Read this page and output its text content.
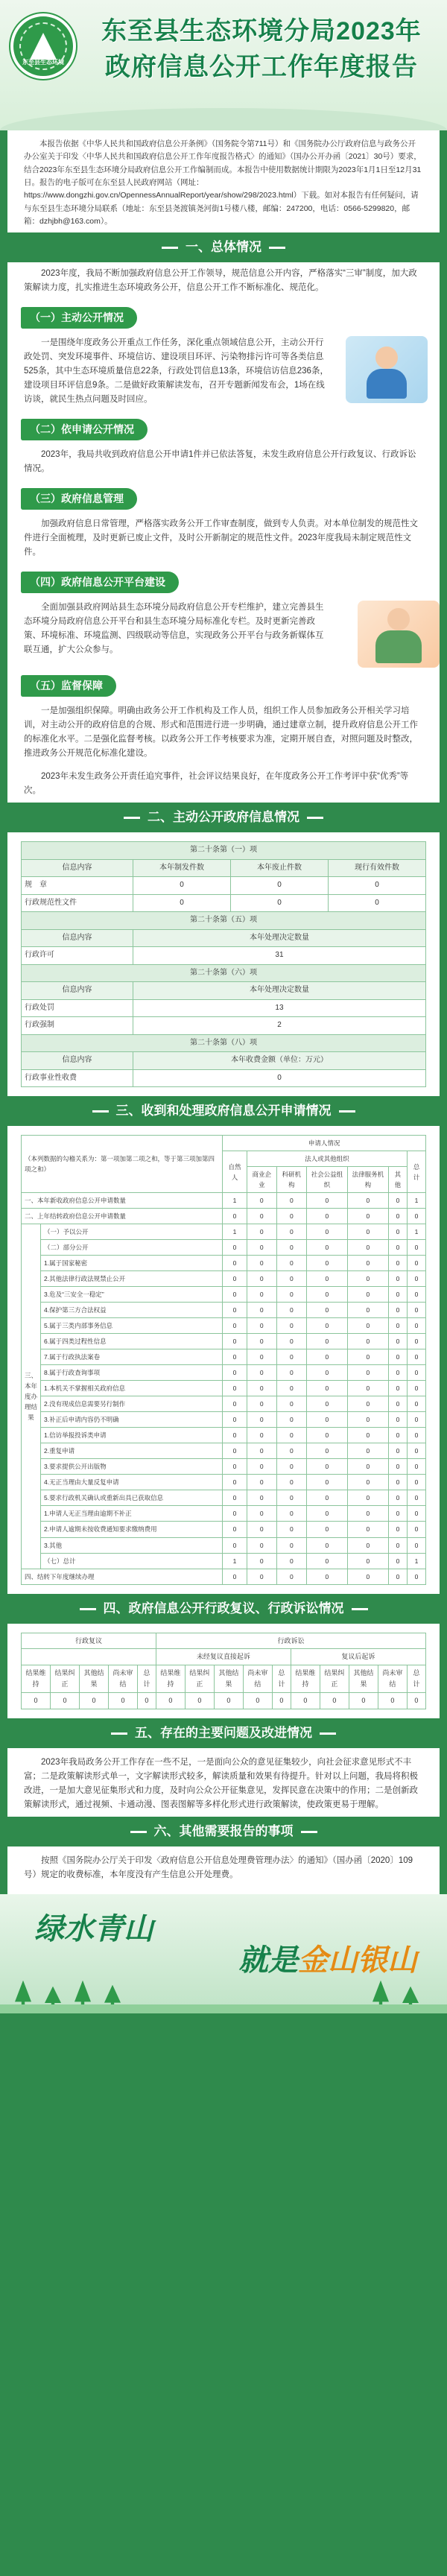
东至县生态环境
东至县生态环境分局2023年
政府信息公开工作年度报告
本报告依据《中华人民共和国政府信息公开条例》（国务院令第711号）和《国务院办公厅政府信息与政务公开办公室关于印发〈中华人民共和国政府信息公开工作年度报告格式〉的通知》（国办公开办函〔2021〕30号）要求，结合2023年东至县生态环境分局政府信息公开工作编制而成。本报告中使用数据统计期限为2023年1月1日至12月31日。报告的电子版可在东至县人民政府网站（网址：https://www.dongzhi.gov.cn/OpennessAnnualReport/year/show/298/2023.html）下载。如对本报告有任何疑问，请与东至县生态环境分局联系（地址：东至县尧渡镇尧河街1号楼八楼，邮编：247200，电话：0566-5299820，邮箱：dzhjbh@163.com）。
一、总体情况
2023年度，我局不断加强政府信息公开工作领导，规范信息公开内容，严格落实“三审”制度，加大政策解读力度，扎实推进生态环境政务公开，信息公开工作不断标准化、规范化。
（一）主动公开情况
一是围绕年度政务公开重点工作任务，深化重点领域信息公开，主动公开行政处罚、突发环境事件、环境信访、建设项目环评、污染物排污许可等各类信息525条，其中生态环境质量信息22条，行政处罚信息13条，环境信访信息236条，建设项目环评信息9条。二是做好政策解读发布，召开专题新闻发布会，1场在线访谈，就民生热点问题及时回应。
（二）依申请公开情况
2023年，我局共收到政府信息公开申请1件并已依法答复，未发生政府信息公开行政复议、行政诉讼情况。
（三）政府信息管理
加强政府信息日常管理，严格落实政务公开工作审查制度，做到专人负责。对本单位制发的规范性文件进行全面梳理，及时更新已废止文件，及时公开新制定的规范性文件。2023年度我局未制定规范性文件。
（四）政府信息公开平台建设
全面加强县政府网站县生态环境分局政府信息公开专栏维护，建立完善县生态环境分局政府信息公开平台和县生态环境分局标准化专栏。及时更新完善政策、环境标准、环境监测、四级联动等信息，实现政务公开平台与政务新媒体互联互通，扩大公众参与。
（五）监督保障
一是加强组织保障。明确由政务公开工作机构及工作人员，组织工作人员参加政务公开相关学习培训，对主动公开的政府信息的合规、形式和范围进行进一步明确，通过建章立制，提升政府信息公开工作的标准化水平。二是强化监督考核。以政务公开工作考核要求为准，定期开展自查，对照问题及时整改，推进政务公开规范化标准化建设。
2023年未发生政务公开责任追究事件，社会评议结果良好，在年度政务公开工作考评中获“优秀”等次。
二、主动公开政府信息情况
第二十条第（一）项			
信息内容	本年制发件数	本年废止件数	现行有效件数
规　章	0	0	0
行政规范性文件	0	0	0
第二十条第（五）项			
信息内容	本年处理决定数量		
行政许可	31		
第二十条第（六）项			
信息内容	本年处理决定数量		
行政处罚	13		
行政强制	2		
第二十条第（八）项			
信息内容	本年收费金额（单位：万元）		
行政事业性收费	0		
三、收到和处理政府信息公开申请情况
（本列数据的勾稽关系为：第一项加第二项之和，等于第三项加第四项之和）		申请人情况						
		自然人	法人或其他组织					总计
			商业企业	科研机构	社会公益组织	法律服务机构	其他	
一、本年新收政府信息公开申请数量		1	0	0	0	0	0	1
二、上年结转政府信息公开申请数量		0	0	0	0	0	0	0
三、本年度办理结果	（一）予以公开	1	0	0	0	0	0	1
	（二）部分公开	0	0	0	0	0	0	0
	1.属于国家秘密	0	0	0	0	0	0	0
	2.其他法律行政法规禁止公开	0	0	0	0	0	0	0
	3.危及“三安全一稳定”	0	0	0	0	0	0	0
	4.保护第三方合法权益	0	0	0	0	0	0	0
	5.属于三类内部事务信息	0	0	0	0	0	0	0
	6.属于四类过程性信息	0	0	0	0	0	0	0
	7.属于行政执法案卷	0	0	0	0	0	0	0
	8.属于行政查询事项	0	0	0	0	0	0	0
	1.本机关不掌握相关政府信息	0	0	0	0	0	0	0
	2.没有现成信息需要另行制作	0	0	0	0	0	0	0
	3.补正后申请内容仍不明确	0	0	0	0	0	0	0
	1.信访举报投诉类申请	0	0	0	0	0	0	0
	2.重复申请	0	0	0	0	0	0	0
	3.要求提供公开出版物	0	0	0	0	0	0	0
	4.无正当理由大量反复申请	0	0	0	0	0	0	0
	5.要求行政机关确认或重新出具已获取信息	0	0	0	0	0	0	0
	1.申请人无正当理由逾期不补正	0	0	0	0	0	0	0
	2.申请人逾期未按收费通知要求缴纳费用	0	0	0	0	0	0	0
	3.其他	0	0	0	0	0	0	0
	（七）总计	1	0	0	0	0	0	1
四、结转下年度继续办理		0	0	0	0	0	0	0
四、政府信息公开行政复议、行政诉讼情况
行政复议					行政诉讼									
					未经复议直接起诉					复议后起诉				
结果维持	结果纠正	其他结果	尚未审结	总计	结果维持	结果纠正	其他结果	尚未审结	总计	结果维持	结果纠正	其他结果	尚未审结	总计
0	0	0	0	0	0	0	0	0	0	0	0	0	0	0
五、存在的主要问题及改进情况
2023年我局政务公开工作存在一些不足，一是面向公众的意见征集较少，向社会征求意见形式不丰富；二是政策解读形式单一，文字解读形式较多，解读质量和效果有待提升。针对以上问题，我局将积极改进，一是加大意见征集形式和力度，及时向公众公开征集意见，发挥民意在决策中的作用；二是创新政策解读形式，通过视频、卡通动漫、图表图解等多样化形式进行政策解读，使政策更易于理解。
六、其他需要报告的事项
按照《国务院办公厅关于印发〈政府信息公开信息处理费管理办法〉的通知》（国办函〔2020〕109号）规定的收费标准，本年度没有产生信息公开处理费。
绿水青山
就是金山银山
